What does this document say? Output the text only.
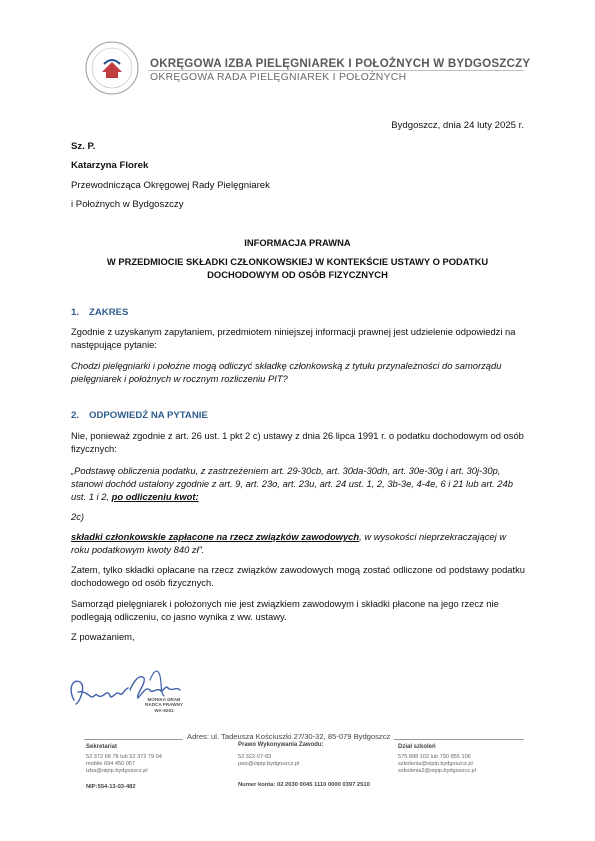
OKRĘGOWA IZBA PIELĘGNIAREK I POŁOŻNYCH W BYDGOSZCZY
OKRĘGOWA RADA PIELĘGNIAREK I POŁOŻNYCH
Bydgoszcz, dnia 24 luty 2025 r.
Sz. P.
Katarzyna Florek
Przewodnicząca Okręgowej Rady Pielęgniarek
i Położnych w Bydgoszczy
INFORMACJA PRAWNA
W PRZEDMIOCIE SKŁADKI CZŁONKOWSKIEJ W KONTEKŚCIE USTAWY O PODATKU
DOCHODOWYM OD OSÓB FIZYCZNYCH
1. ZAKRES
Zgodnie z uzyskanym zapytaniem, przedmiotem niniejszej informacji prawnej jest udzielenie odpowiedzi na następujące pytanie:
Chodzi pielęgniarki i położne mogą odliczyć składkę członkowską z tytułu przynależności do samorządu pielęgniarek i położnych w rocznym rozliczeniu PIT?
2. ODPOWIEDŹ NA PYTANIE
Nie, ponieważ zgodnie z art. 26 ust. 1 pkt 2 c) ustawy z dnia 26 lipca 1991 r. o podatku dochodowym od osób fizycznych:
„Podstawę obliczenia podatku, z zastrzeżeniem art. 29-30cb, art. 30da-30dh, art. 30e-30g i art. 30j-30p, stanowi dochód ustalony zgodnie z art. 9, art. 23o, art. 23u, art. 24 ust. 1, 2, 3b-3e, 4-4e, 6 i 21 lub art. 24b ust. 1 i 2, po odliczeniu kwot:
2c)
składki członkowskie zapłacone na rzecz związków zawodowych, w wysokości nieprzekraczającej w roku podatkowym kwoty 840 zł”.
Zatem, tylko składki opłacane na rzecz związków zawodowych mogą zostać odliczone od podstawy podatku dochodowego od osób fizycznych.
Samorząd pielęgniarek i położonych nie jest związkiem zawodowym i składki płacone na jego rzecz nie podlegają odliczeniu, co jasno wynika z ww. ustawy.
Z poważaniem,
MONIKA DRAB
RADCA PRAWNY
WA-9251
Adres: ul. Tadeusza Kościuszki 27/30-32, 85-079 Bydgoszcz
Sekretariat
52 372 68 78 lub 52 372 79 04
mobile 694 450 057
izba@oipip.bydgoszcz.pl
Prawo Wykonywania Zawodu:
52 322-07-83
pwz@oipip.bydgoszcz.pl
Dział szkoleń
575 898 102 lub 790 855 106
szkolenia@oipip.bydgoszcz.pl
szkolenia2@oipip.bydgoszcz.pl
NIP:554-13-03-482	Numer konta: 02 2030 0045 1110 0000 0397 2510
